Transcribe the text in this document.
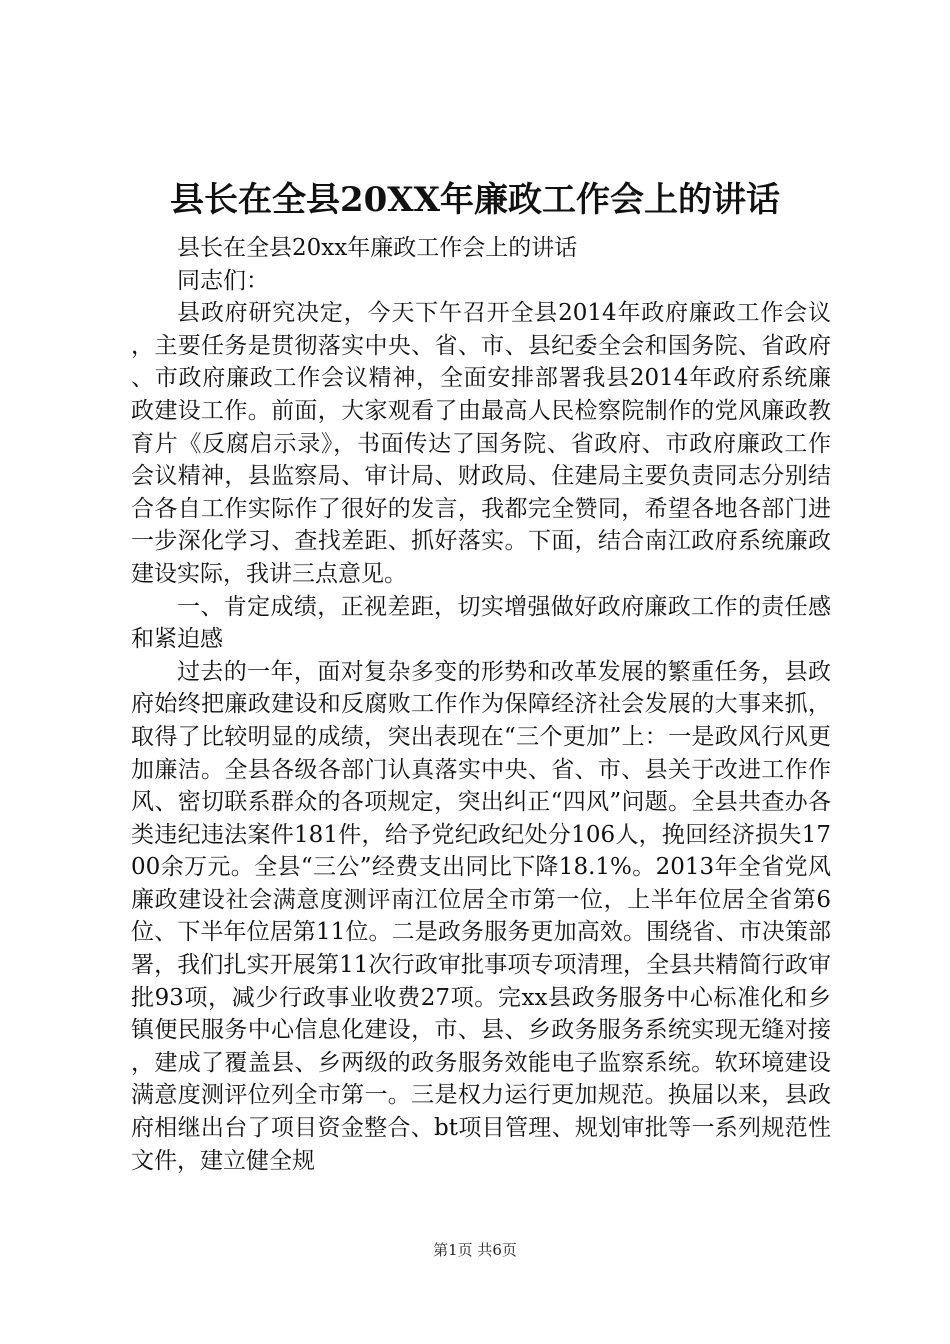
县长在全县20XX年廉政工作会上的讲话

县长在全县20xx年廉政工作会上的讲话

同志们：

县政府研究决定，今天下午召开全县2014年政府廉政工作会议，主要任务是贯彻落实中央、省、市、县纪委全会和国务院、省政府、市政府廉政工作会议精神，全面安排部署我县2014年政府系统廉政建设工作。前面，大家观看了由最高人民检察院制作的党风廉政教育片《反腐启示录》，书面传达了国务院、省政府、市政府廉政工作会议精神，县监察局、审计局、财政局、住建局主要负责同志分别结合各自工作实际作了很好的发言，我都完全赞同，希望各地各部门进一步深化学习、查找差距、抓好落实。下面，结合南江政府系统廉政建设实际，我讲三点意见。

一、肯定成绩，正视差距，切实增强做好政府廉政工作的责任感和紧迫感

过去的一年，面对复杂多变的形势和改革发展的繁重任务，县政府始终把廉政建设和反腐败工作作为保障经济社会发展的大事来抓，取得了比较明显的成绩，突出表现在“三个更加”上：一是政风行风更加廉洁。全县各级各部门认真落实中央、省、市、县关于改进工作作风、密切联系群众的各项规定，突出纠正“四风”问题。全县共查办各类违纪违法案件181件，给予党纪政纪处分106人，挽回经济损失1700余万元。全县“三公”经费支出同比下降18.1%。2013年全省党风廉政建设社会满意度测评南江位居全市第一位，上半年位居全省第6位、下半年位居第11位。二是政务服务更加高效。围绕省、市决策部署，我们扎实开展第11次行政审批事项专项清理，全县共精简行政审批93项，减少行政事业收费27项。完xx县政务服务中心标准化和乡镇便民服务中心信息化建设，市、县、乡政务服务系统实现无缝对接，建成了覆盖县、乡两级的政务服务效能电子监察系统。软环境建设满意度测评位列全市第一。三是权力运行更加规范。换届以来，县政府相继出台了项目资金整合、bt项目管理、规划审批等一系列规范性文件，建立健全规

第1页 共6页
